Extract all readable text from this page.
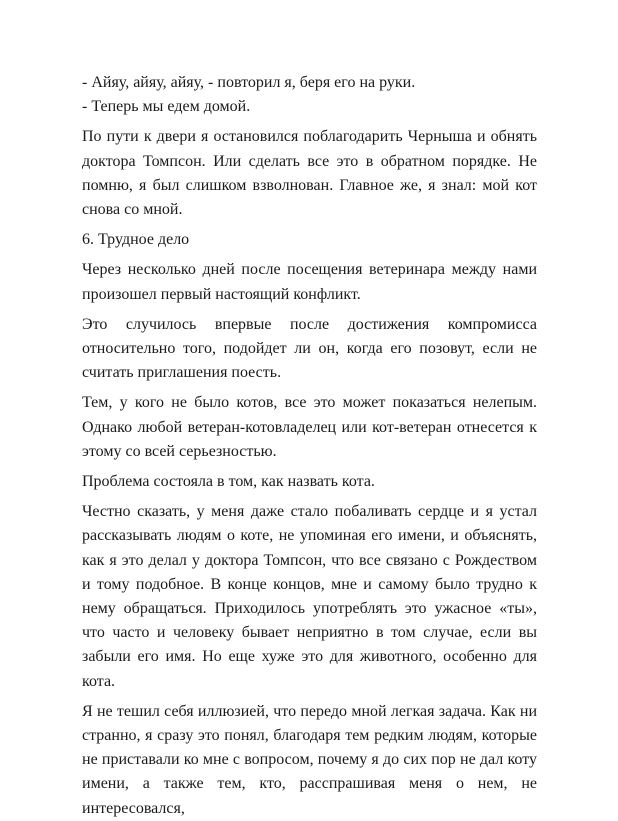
- Айяу, айяу, айяу, - повторил я, беря его на руки.

- Теперь мы едем домой.

По пути к двери я остановился поблагодарить Черныша и обнять доктора Томпсон. Или сделать все это в обратном порядке. Не помню, я был слишком взволнован. Главное же, я знал: мой кот снова со мной.

6. Трудное дело

Через несколько дней после посещения ветеринара между нами произошел первый настоящий конфликт.

Это случилось впервые после достижения компромисса относительно того, подойдет ли он, когда его позовут, если не считать приглашения поесть.

Тем, у кого не было котов, все это может показаться нелепым. Однако любой ветеран-котовладелец или кот-ветеран отнесется к этому со всей серьезностью.

Проблема состояла в том, как назвать кота.

Честно сказать, у меня даже стало побаливать сердце и я устал рассказывать людям о коте, не упоминая его имени, и объяснять, как я это делал у доктора Томпсон, что все связано с Рождеством и тому подобное. В конце концов, мне и самому было трудно к нему обращаться. Приходилось употреблять это ужасное «ты», что часто и человеку бывает неприятно в том случае, если вы забыли его имя. Но еще хуже это для животного, особенно для кота.

Я не тешил себя иллюзией, что передо мной легкая задача. Как ни странно, я сразу это понял, благодаря тем редким людям, которые не приставали ко мне с вопросом, почему я до сих пор не дал коту имени, а также тем, кто, расспрашивая меня о нем, не интересовался,
